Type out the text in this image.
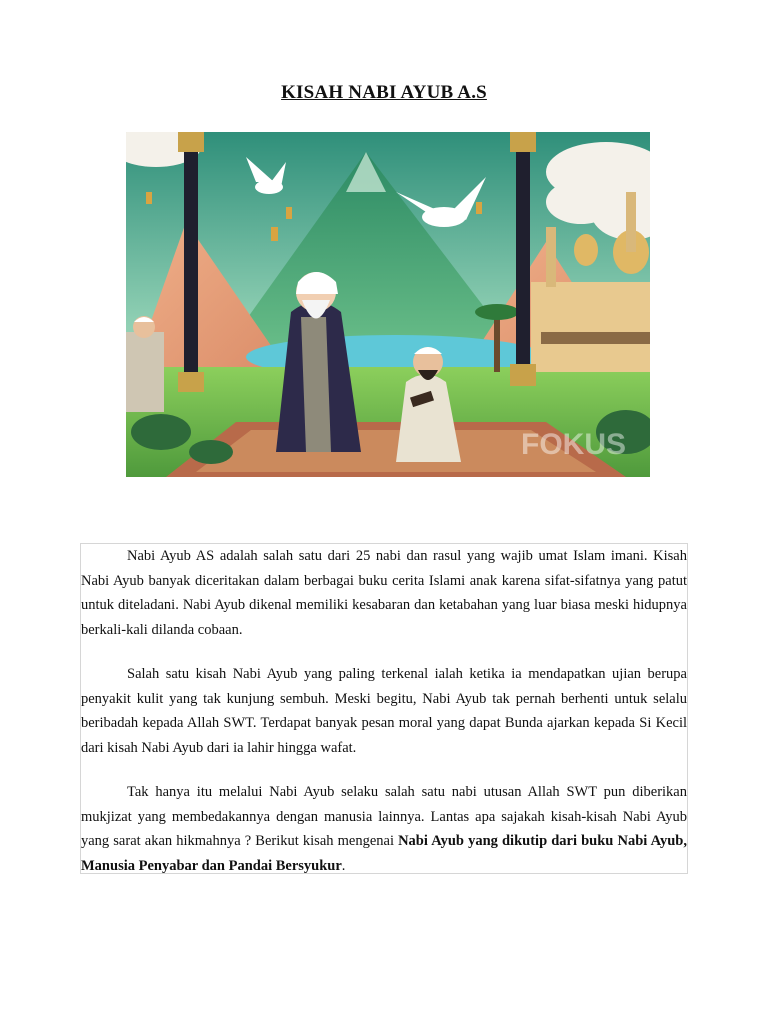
KISAH NABI AYUB A.S
FOKUS

Nabi Ayub AS adalah salah satu dari 25 nabi dan rasul yang wajib umat Islam imani. Kisah Nabi Ayub banyak diceritakan dalam berbagai buku cerita Islami anak karena sifat-sifatnya yang patut untuk diteladani. Nabi Ayub dikenal memiliki kesabaran dan ketabahan yang luar biasa meski hidupnya berkali-kali dilanda cobaan.

Salah satu kisah Nabi Ayub yang paling terkenal ialah ketika ia mendapatkan ujian berupa penyakit kulit yang tak kunjung sembuh. Meski begitu, Nabi Ayub tak pernah berhenti untuk selalu beribadah kepada Allah SWT. Terdapat banyak pesan moral yang dapat Bunda ajarkan kepada Si Kecil dari kisah Nabi Ayub dari ia lahir hingga wafat.

Tak hanya itu melalui Nabi Ayub selaku salah satu nabi utusan Allah SWT pun diberikan mukjizat yang membedakannya dengan manusia lainnya. Lantas apa sajakah kisah-kisah Nabi Ayub yang sarat akan hikmahnya ? Berikut kisah mengenai Nabi Ayub yang dikutip dari buku Nabi Ayub, Manusia Penyabar dan Pandai Bersyukur.
